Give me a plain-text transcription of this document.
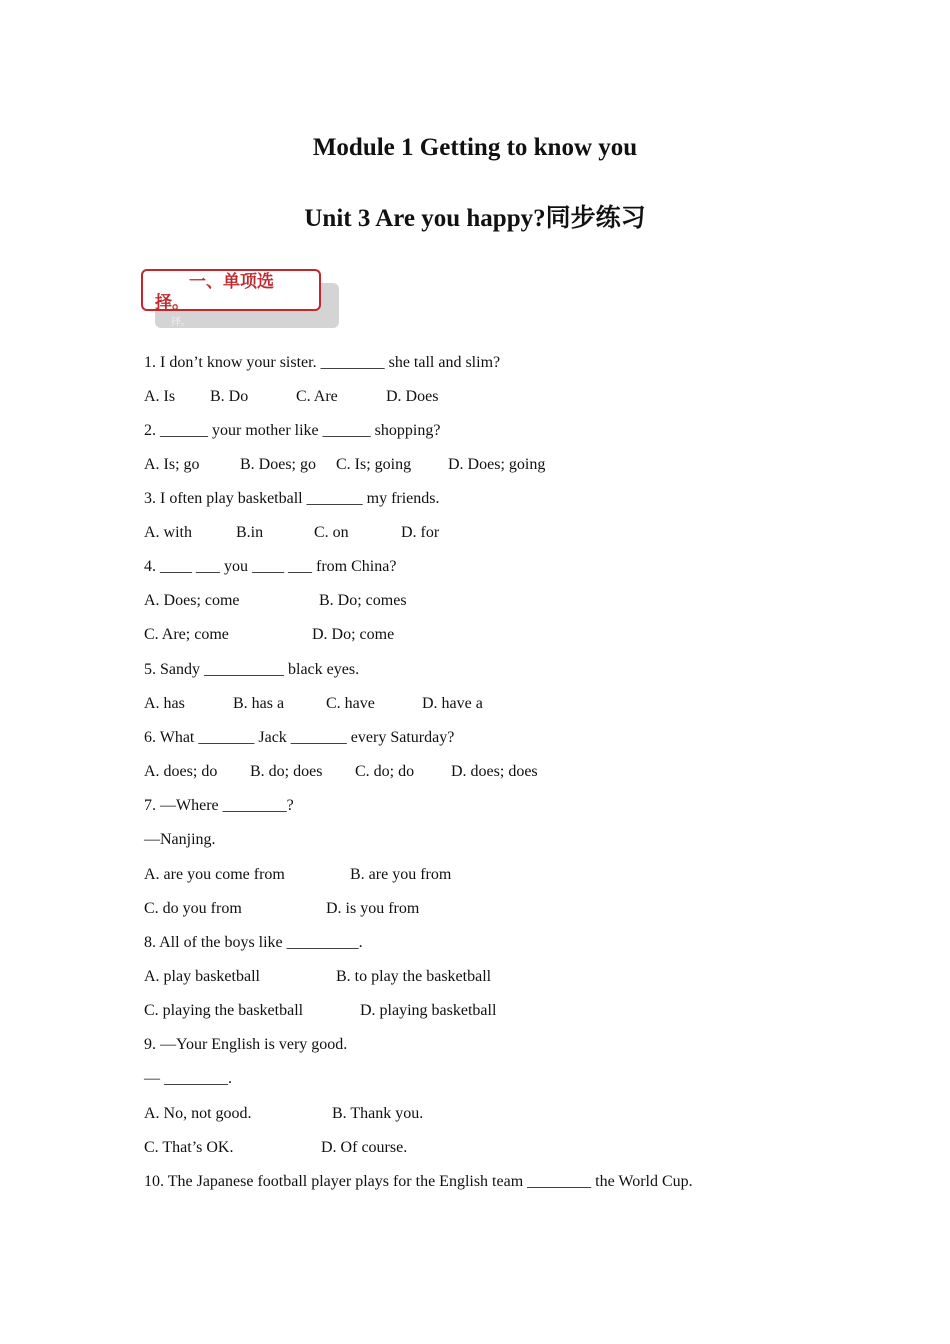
Module 1 Getting to know you
Unit 3 Are you happy?同步练习
择。
一、单项选择。
1. I don’t know your sister. ________ she tall and slim?

A. Is

B. Do

	C. Are

	D. Does

2. ______ your mother like ______ shopping?

A. Is; go

	B. Does; go

C. Is; going

D. Does; going

3. I often play basketball _______ my friends.

A. with

	B.in

	C. on

	D. for

4. ____ ___ you ____ ___ from China?

A. Does; come

	B. Do; comes

C. Are; come

	D. Do; come

5. Sandy __________ black eyes.

A. has

	B. has a

	C. have

	D. have a

6. What _______ Jack _______ every Saturday?

A. does; do

B. do; does

C. do; do

D. does; does

7. —Where ________?
—Nanjing.

A. are you come from

	B. are you from

C. do you from

	D. is you from

8. All of the boys like _________.

A. play basketball

	B. to play the basketball

C. playing the basketball

	D. playing basketball

9. —Your English is very good.
— ________.

A. No, not good.

	B. Thank you.

C. That’s OK.

	D. Of course.

10. The Japanese football player plays for the English team ________ the World Cup.
